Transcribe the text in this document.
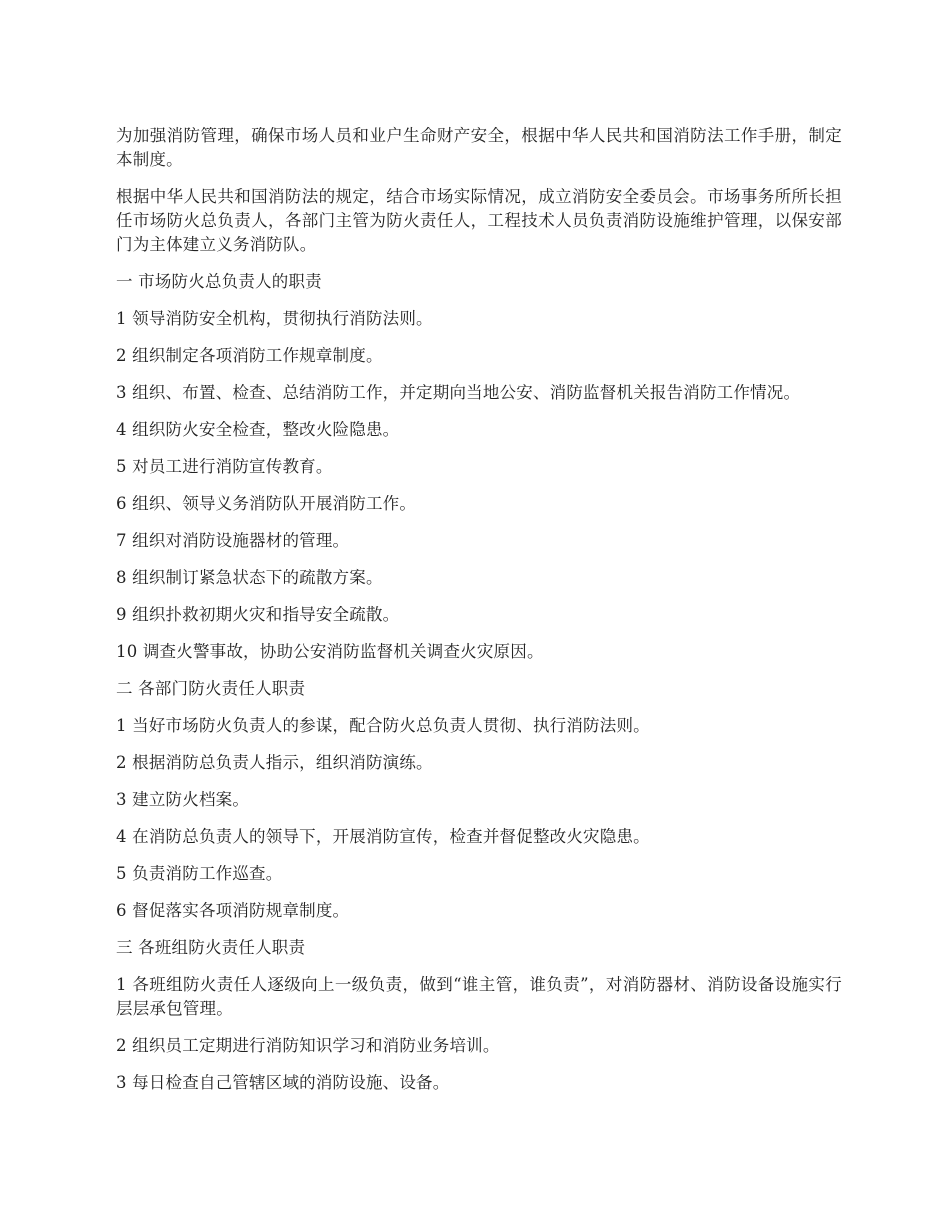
为加强消防管理，确保市场人员和业户生命财产安全，根据中华人民共和国消防法工作手册，制定本制度。

根据中华人民共和国消防法的规定，结合市场实际情况，成立消防安全委员会。市场事务所所长担任市场防火总负责人，各部门主管为防火责任人，工程技术人员负责消防设施维护管理，以保安部门为主体建立义务消防队。

一 市场防火总负责人的职责

1 领导消防安全机构，贯彻执行消防法则。

2 组织制定各项消防工作规章制度。

3 组织、布置、检查、总结消防工作，并定期向当地公安、消防监督机关报告消防工作情况。

4 组织防火安全检查，整改火险隐患。

5 对员工进行消防宣传教育。

6 组织、领导义务消防队开展消防工作。

7 组织对消防设施器材的管理。

8 组织制订紧急状态下的疏散方案。

9 组织扑救初期火灾和指导安全疏散。

10 调查火警事故，协助公安消防监督机关调查火灾原因。

二 各部门防火责任人职责

1 当好市场防火负责人的参谋，配合防火总负责人贯彻、执行消防法则。

2 根据消防总负责人指示，组织消防演练。

3 建立防火档案。

4 在消防总负责人的领导下，开展消防宣传，检查并督促整改火灾隐患。

5 负责消防工作巡查。

6 督促落实各项消防规章制度。

三 各班组防火责任人职责

1 各班组防火责任人逐级向上一级负责，做到“谁主管，谁负责”，对消防器材、消防设备设施实行层层承包管理。

2 组织员工定期进行消防知识学习和消防业务培训。

3 每日检查自己管辖区域的消防设施、设备。
